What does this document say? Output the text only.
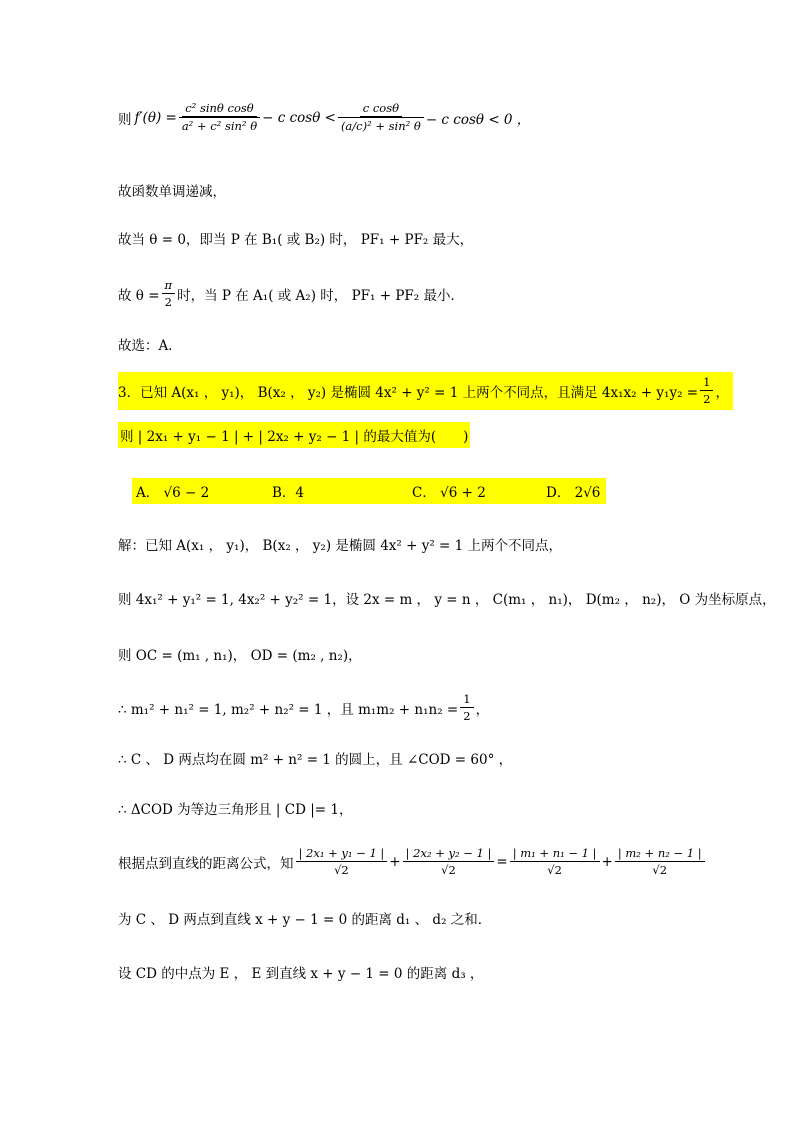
则 $f'(\theta) = \frac{\text{c² sinθ cosθ}}{\text{a² + c² sin² θ}} - c$ $\cos\theta < \frac{\text{c cosθ}}{\text{(a/c)² + sin² θ}} - c$ cosθ < 0 ，
故函数单调递减，
故当 θ = 0，即当 P 在 B₁( 或 B₂) 时， PF₁ + PF₂ 最大，
故 $\theta = \frac{\pi}{2}$ 时，当 P 在 A₁( 或 A₂) 时， PF₁ + PF₂ 最小．
故选：A．
3．已知 A(x₁ ， y₁)， B(x₂ ， y₂) 是椭圆 4x² + y² = 1 上两个不同点，且满足 $4x_1x_2 + y_1y_2 = \frac{1}{2}$ ，
则 | 2x₁ + y₁ − 1 | + | 2x₂ + y₂ − 1 | 的最大值为(　　)
A． √6 − 2	B．4	C． √6 + 2	D． 2√6
解：已知 A(x₁ ， y₁)， B(x₂ ， y₂) 是椭圆 4x² + y² = 1 上两个不同点，
则 4x₁² + y₁² = 1, 4x₂² + y₂² = 1，设 2x = m ， y = n ， C(m₁ ， n₁)， D(m₂ ， n₂)， O 为坐标原点，
则 OC = (m₁ , n₁)， OD = (m₂ , n₂)，
∴ m₁² + n₁² = 1, m₂² + n₂² = 1 ，且 $m_1m_2 + n_1n_2 = \frac{1}{2}$ ，
∴ C 、 D 两点均在圆 m² + n² = 1 的圆上，且 ∠COD = 60° ，
∴ ΔCOD 为等边三角形且 | CD |= 1，
根据点到直线的距离公式，知 $\frac{\text{| 2x₁ + y₁ − 1 |}}{√2} + \frac{\text{| 2x₂ + y₂ − 1 |}}{√2} = \frac{\text{| m₁ + n₁ − 1 |}}{√2} + \frac{\text{| m₂ + n₂ − 1 |}}{√2}$
为 C 、 D 两点到直线 x + y − 1 = 0 的距离 d₁ 、 d₂ 之和．
设 CD 的中点为 E ， E 到直线 x + y − 1 = 0 的距离 d₃ ，
